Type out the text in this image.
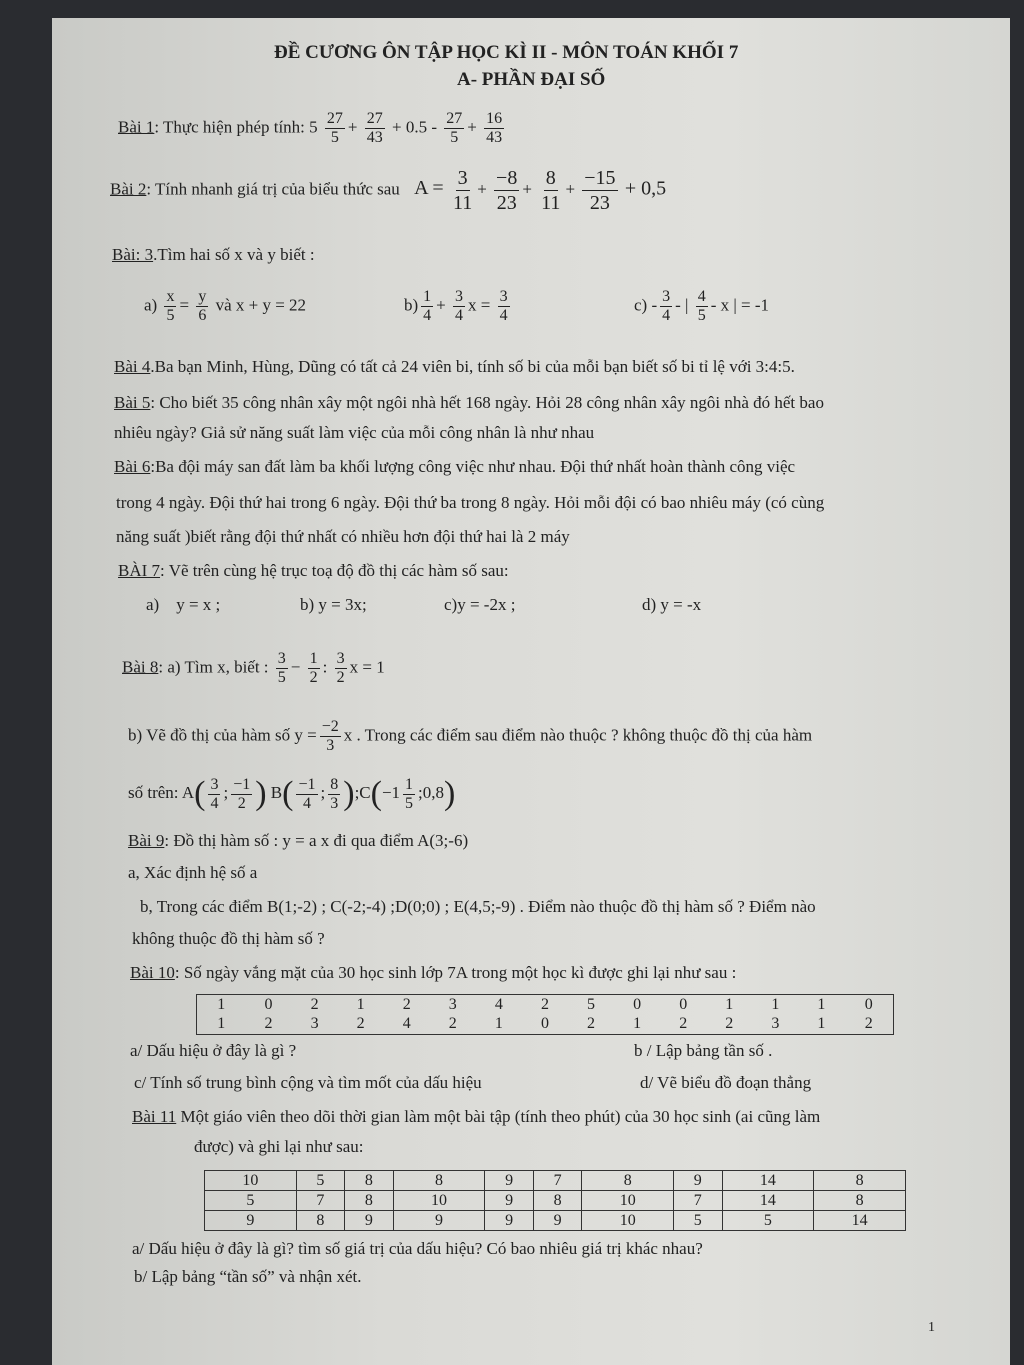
ĐỀ CƯƠNG ÔN TẬP HỌC KÌ II - MÔN TOÁN KHỐI 7
A- PHẦN ĐẠI SỐ
Bài 1: Thực hiện phép tính: $5 \frac{27}{5} + \frac{27}{43} + 0.5 - \frac{27}{5} + \frac{16}{43}$
Bài 2: Tính nhanh giá trị của biểu thức sau $A = \frac{3}{11} + \frac{-8}{23} + \frac{8}{11} + \frac{-15}{23} + 0,5$
Bài: 3.Tìm hai số x và y biết :
$a) \frac{x}{5} = \frac{y}{6}$ và x + y = 22	$b) \frac{1}{4} + \frac{3}{4}$ $x = \frac{3}{4}$	$c) - \frac{3}{4}$ - | $\frac{4}{5}$ - x | = -1
Bài 4.Ba bạn Minh, Hùng, Dũng có tất cả 24 viên bi, tính số bi của mỗi bạn biết số bi tỉ lệ với 3:4:5.
Bài 5: Cho biết 35 công nhân xây một ngôi nhà hết 168 ngày. Hỏi 28 công nhân xây ngôi nhà đó hết bao
nhiêu ngày? Giả sử năng suất làm việc của mỗi công nhân là như nhau
Bài 6:Ba đội máy san đất làm ba khối lượng công việc như nhau. Đội thứ nhất hoàn thành công việc
trong 4 ngày. Đội thứ hai trong 6 ngày. Đội thứ ba trong 8 ngày. Hỏi mỗi đội có bao nhiêu máy (có cùng
năng suất )biết rằng đội thứ nhất có nhiều hơn đội thứ hai là 2 máy
BÀI 7: Vẽ trên cùng hệ trục toạ độ đồ thị các hàm số sau:
a) y = x ;	b) y = 3x;	c)y = -2x ;	d) y = -x
Bài 8: a) Tìm x, biết : $\frac{3}{5} - \frac{1}{2}$ : $\frac{3}{2}$ x = 1
b) Vẽ đồ thị của hàm số $y = \frac{-2}{3}$ x . Trong các điểm sau điểm nào thuộc ? không thuộc đồ thị của hàm
số trên: $A( \frac{3}{4}$ ; $\frac{-1}{2}$ ) $B( \frac{-1}{4}$ ; $\frac{8}{3}$ );C(−1 $\frac{1}{5}$ ;0,8)
Bài 9: Đồ thị hàm số : y = a x đi qua điểm A(3;-6)
a, Xác định hệ số a
b, Trong các điểm B(1;-2) ; C(-2;-4) ;D(0;0) ; E(4,5;-9) . Điểm nào thuộc đồ thị hàm số ? Điểm nào
không thuộc đồ thị hàm số ?
Bài 10: Số ngày vắng mặt của 30 học sinh lớp 7A trong một học kì được ghi lại như sau :
1	0	2	1	2	3	4	2	5	0	0	1	1	1	0
1	2	3	2	4	2	1	0	2	1	2	2	3	1	2
a/ Dấu hiệu ở đây là gì ?	b / Lập bảng tần số .
c/ Tính số trung bình cộng và tìm mốt của dấu hiệu	d/ Vẽ biểu đồ đoạn thẳng
Bài 11 Một giáo viên theo dõi thời gian làm một bài tập (tính theo phút) của 30 học sinh (ai cũng làm
được) và ghi lại như sau:
10	5	8	8	9	7	8	9	14	8
5	7	8	10	9	8	10	7	14	8
9	8	9	9	9	9	10	5	5	14
a/ Dấu hiệu ở đây là gì? tìm số giá trị của dấu hiệu? Có bao nhiêu giá trị khác nhau?
b/ Lập bảng “tần số” và nhận xét.
1
